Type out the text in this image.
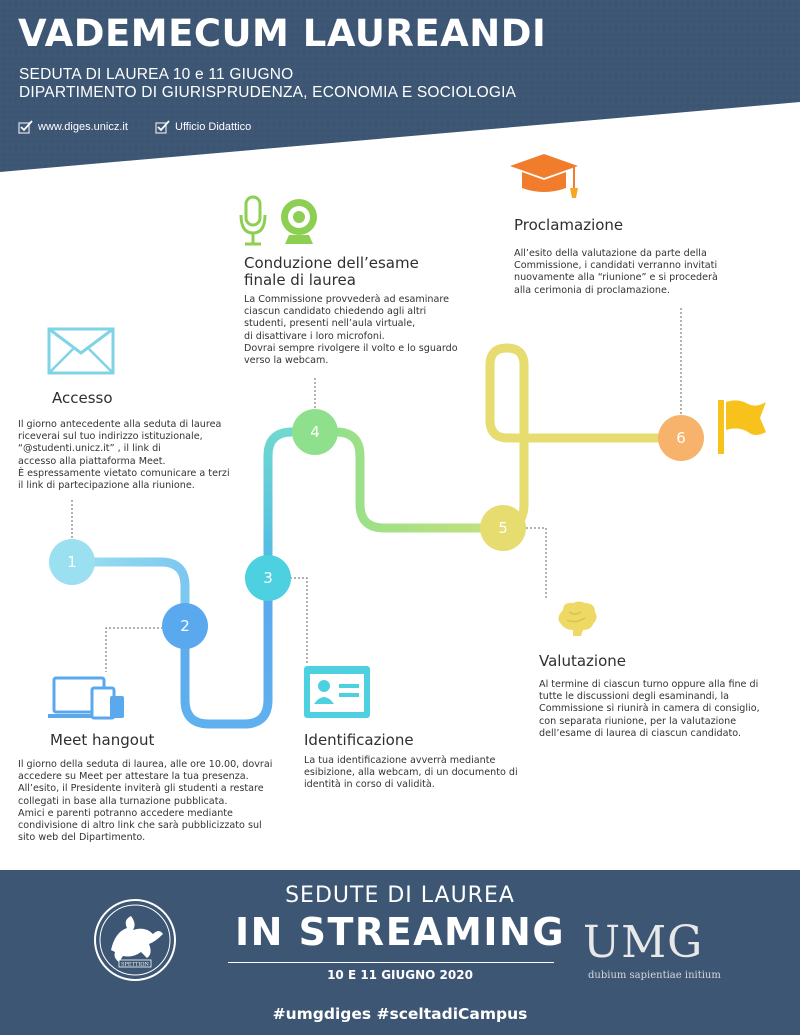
VADEMECUM LAUREANDI
SEDUTA DI LAUREA 10 e 11 GIUGNO
DIPARTIMENTO DI GIURISPRUDENZA, ECONOMIA E SOCIOLOGIA
www.diges.unicz.it	Ufficio Didattico
1
2
3
4
5
6
Accesso
Il giorno antecedente alla seduta di laurea
riceverai sul tuo indirizzo istituzionale,
“@studenti.unicz.it” , il link di
accesso alla piattaforma Meet.
È espressamente vietato comunicare a terzi
il link di partecipazione alla riunione.
Meet hangout
Il giorno della seduta di laurea, alle ore 10.00, dovrai
accedere su Meet per attestare la tua presenza.
All’esito, il Presidente inviterà gli studenti a restare
collegati in base alla turnazione pubblicata.
Amici e parenti potranno accedere mediante
condivisione di altro link che sarà pubblicizzato sul
sito web del Dipartimento.
Identificazione
La tua identificazione avverrà mediante
esibizione, alla webcam, di un documento di
identità in corso di validità.
Conduzione dell’esame
finale di laurea
La Commissione provvederà ad esaminare
ciascun candidato chiedendo agli altri
studenti, presenti nell’aula virtuale,
di disattivare i loro microfoni.
Dovrai sempre rivolgere il volto e lo sguardo
verso la webcam.
Valutazione
Al termine di ciascun turno oppure alla fine di
tutte le discussioni degli esaminandi, la
Commissione si riunirà in camera di consiglio,
con separata riunione, per la valutazione
dell’esame di laurea di ciascun candidato.
Proclamazione
All’esito della valutazione da parte della
Commissione, i candidati verranno invitati
nuovamente alla “riunione” e si procederà
alla cerimonia di proclamazione.
SEDUTE DI LAUREA
IN STREAMING
10 E 11 GIUGNO 2020
#umgdiges #sceltadiCampus
SPETTIΩN	UMG
dubium sapientiae initium
